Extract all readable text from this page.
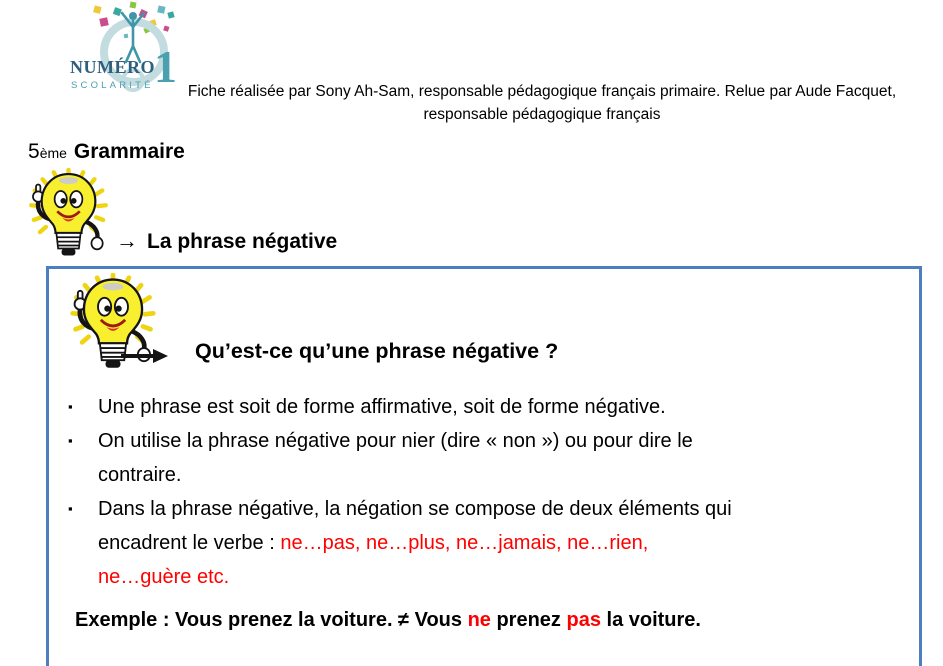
NUMÉRO 1
SCOLARITÉ	Fiche réalisée par Sony Ah-Sam, responsable pédagogique français primaire. Relue par Aude Facquet, responsable pédagogique français
5ème Grammaire
→ La phrase négative
Qu’est-ce qu’une phrase négative ?
▪	Une phrase est soit de forme affirmative, soit de forme négative.
▪	On utilise la phrase négative pour nier (dire « non ») ou pour dire le
contraire.
▪	Dans la phrase négative, la négation se compose de deux éléments qui
encadrent le verbe : ne…pas, ne…plus, ne…jamais, ne…rien,
ne…guère etc.

Exemple : Vous prenez la voiture. ≠ Vous ne prenez pas la voiture.
